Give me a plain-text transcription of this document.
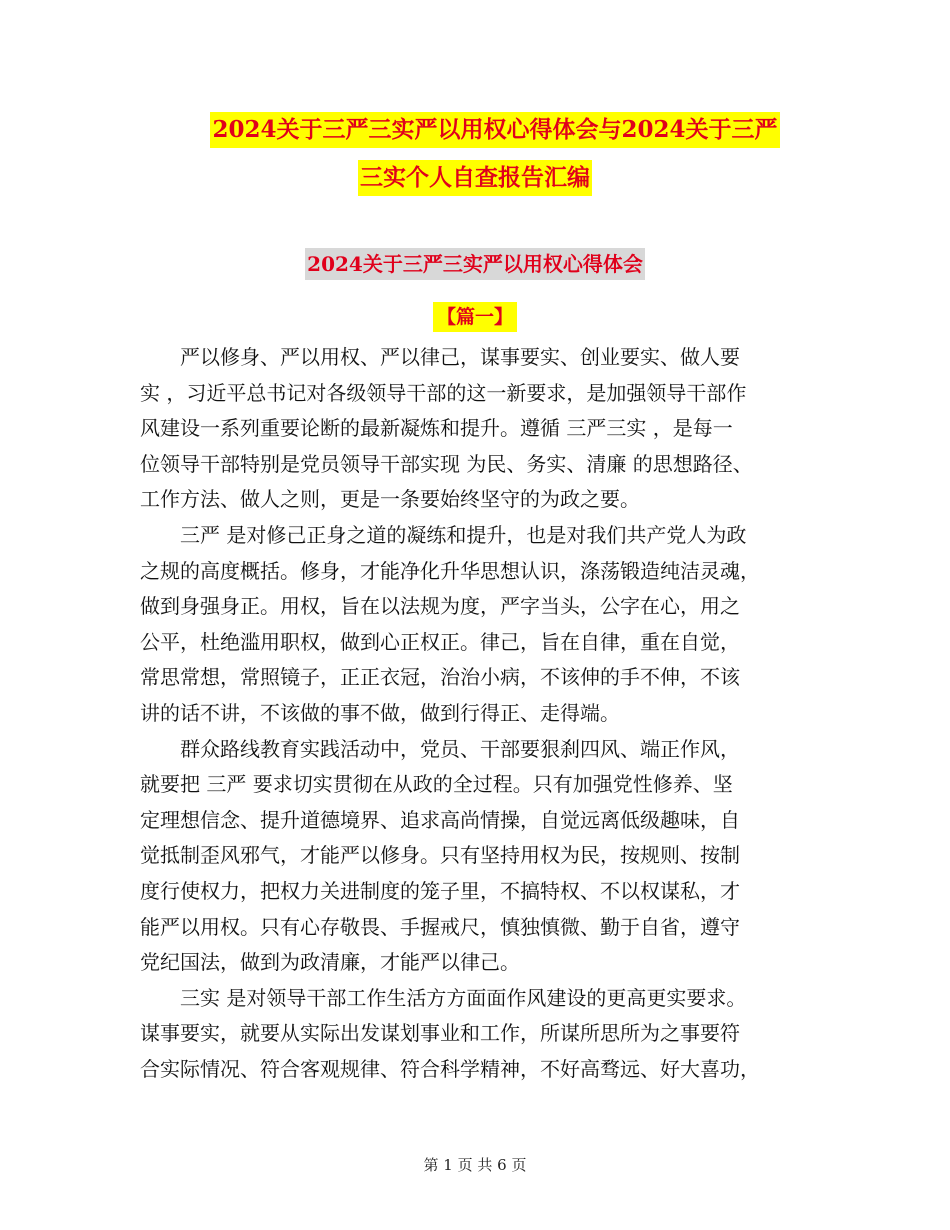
2024关于三严三实严以用权心得体会与2024关于三严
三实个人自查报告汇编
2024关于三严三实严以用权心得体会
【篇一】

　　严以修身、严以用权、严以律己，谋事要实、创业要实、做人要
实 ，习近平总书记对各级领导干部的这一新要求，是加强领导干部作
风建设一系列重要论断的最新凝炼和提升。遵循 三严三实 ，是每一
位领导干部特别是党员领导干部实现 为民、务实、清廉 的思想路径、
工作方法、做人之则，更是一条要始终坚守的为政之要。

　　三严 是对修己正身之道的凝练和提升，也是对我们共产党人为政
之规的高度概括。修身，才能净化升华思想认识，涤荡锻造纯洁灵魂，
做到身强身正。用权，旨在以法规为度，严字当头，公字在心，用之
公平，杜绝滥用职权，做到心正权正。律己，旨在自律，重在自觉，
常思常想，常照镜子，正正衣冠，治治小病，不该伸的手不伸，不该
讲的话不讲，不该做的事不做，做到行得正、走得端。

　　群众路线教育实践活动中，党员、干部要狠刹四风、端正作风，
就要把 三严 要求切实贯彻在从政的全过程。只有加强党性修养、坚
定理想信念、提升道德境界、追求高尚情操，自觉远离低级趣味，自
觉抵制歪风邪气，才能严以修身。只有坚持用权为民，按规则、按制
度行使权力，把权力关进制度的笼子里，不搞特权、不以权谋私，才
能严以用权。只有心存敬畏、手握戒尺，慎独慎微、勤于自省，遵守
党纪国法，做到为政清廉，才能严以律己。

　　三实 是对领导干部工作生活方方面面作风建设的更高更实要求。
谋事要实，就要从实际出发谋划事业和工作，所谋所思所为之事要符
合实际情况、符合客观规律、符合科学精神，不好高骛远、好大喜功，

第 1 页 共 6 页
